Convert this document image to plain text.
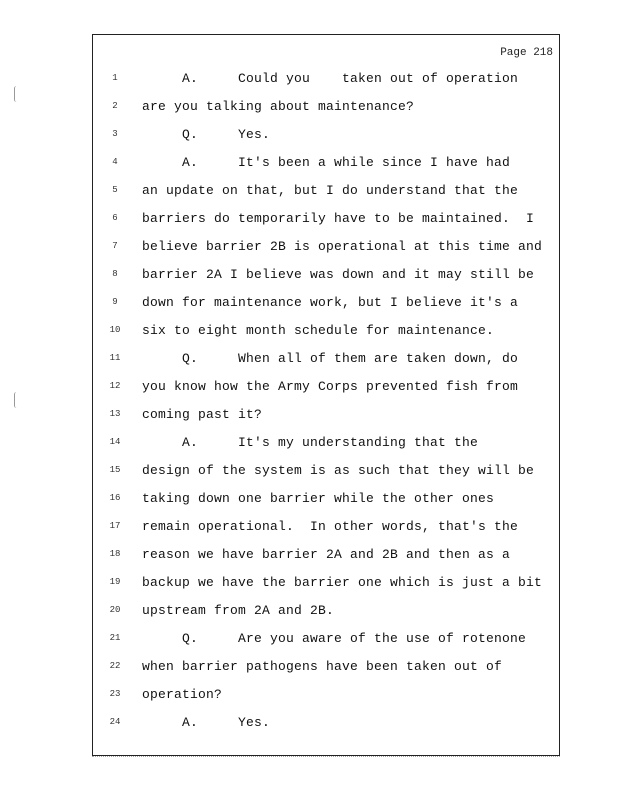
Page 218
1	A.     Could you    taken out of operation
2	are you talking about maintenance?
3	Q.     Yes.
4	A.     It's been a while since I have had
5	an update on that, but I do understand that the
6	barriers do temporarily have to be maintained.  I
7	believe barrier 2B is operational at this time and
8	barrier 2A I believe was down and it may still be
9	down for maintenance work, but I believe it's a
10	six to eight month schedule for maintenance.
11	Q.     When all of them are taken down, do
12	you know how the Army Corps prevented fish from
13	coming past it?
14	A.     It's my understanding that the
15	design of the system is as such that they will be
16	taking down one barrier while the other ones
17	remain operational.  In other words, that's the
18	reason we have barrier 2A and 2B and then as a
19	backup we have the barrier one which is just a bit
20	upstream from 2A and 2B.
21	Q.     Are you aware of the use of rotenone
22	when barrier pathogens have been taken out of
23	operation?
24	A.     Yes.
